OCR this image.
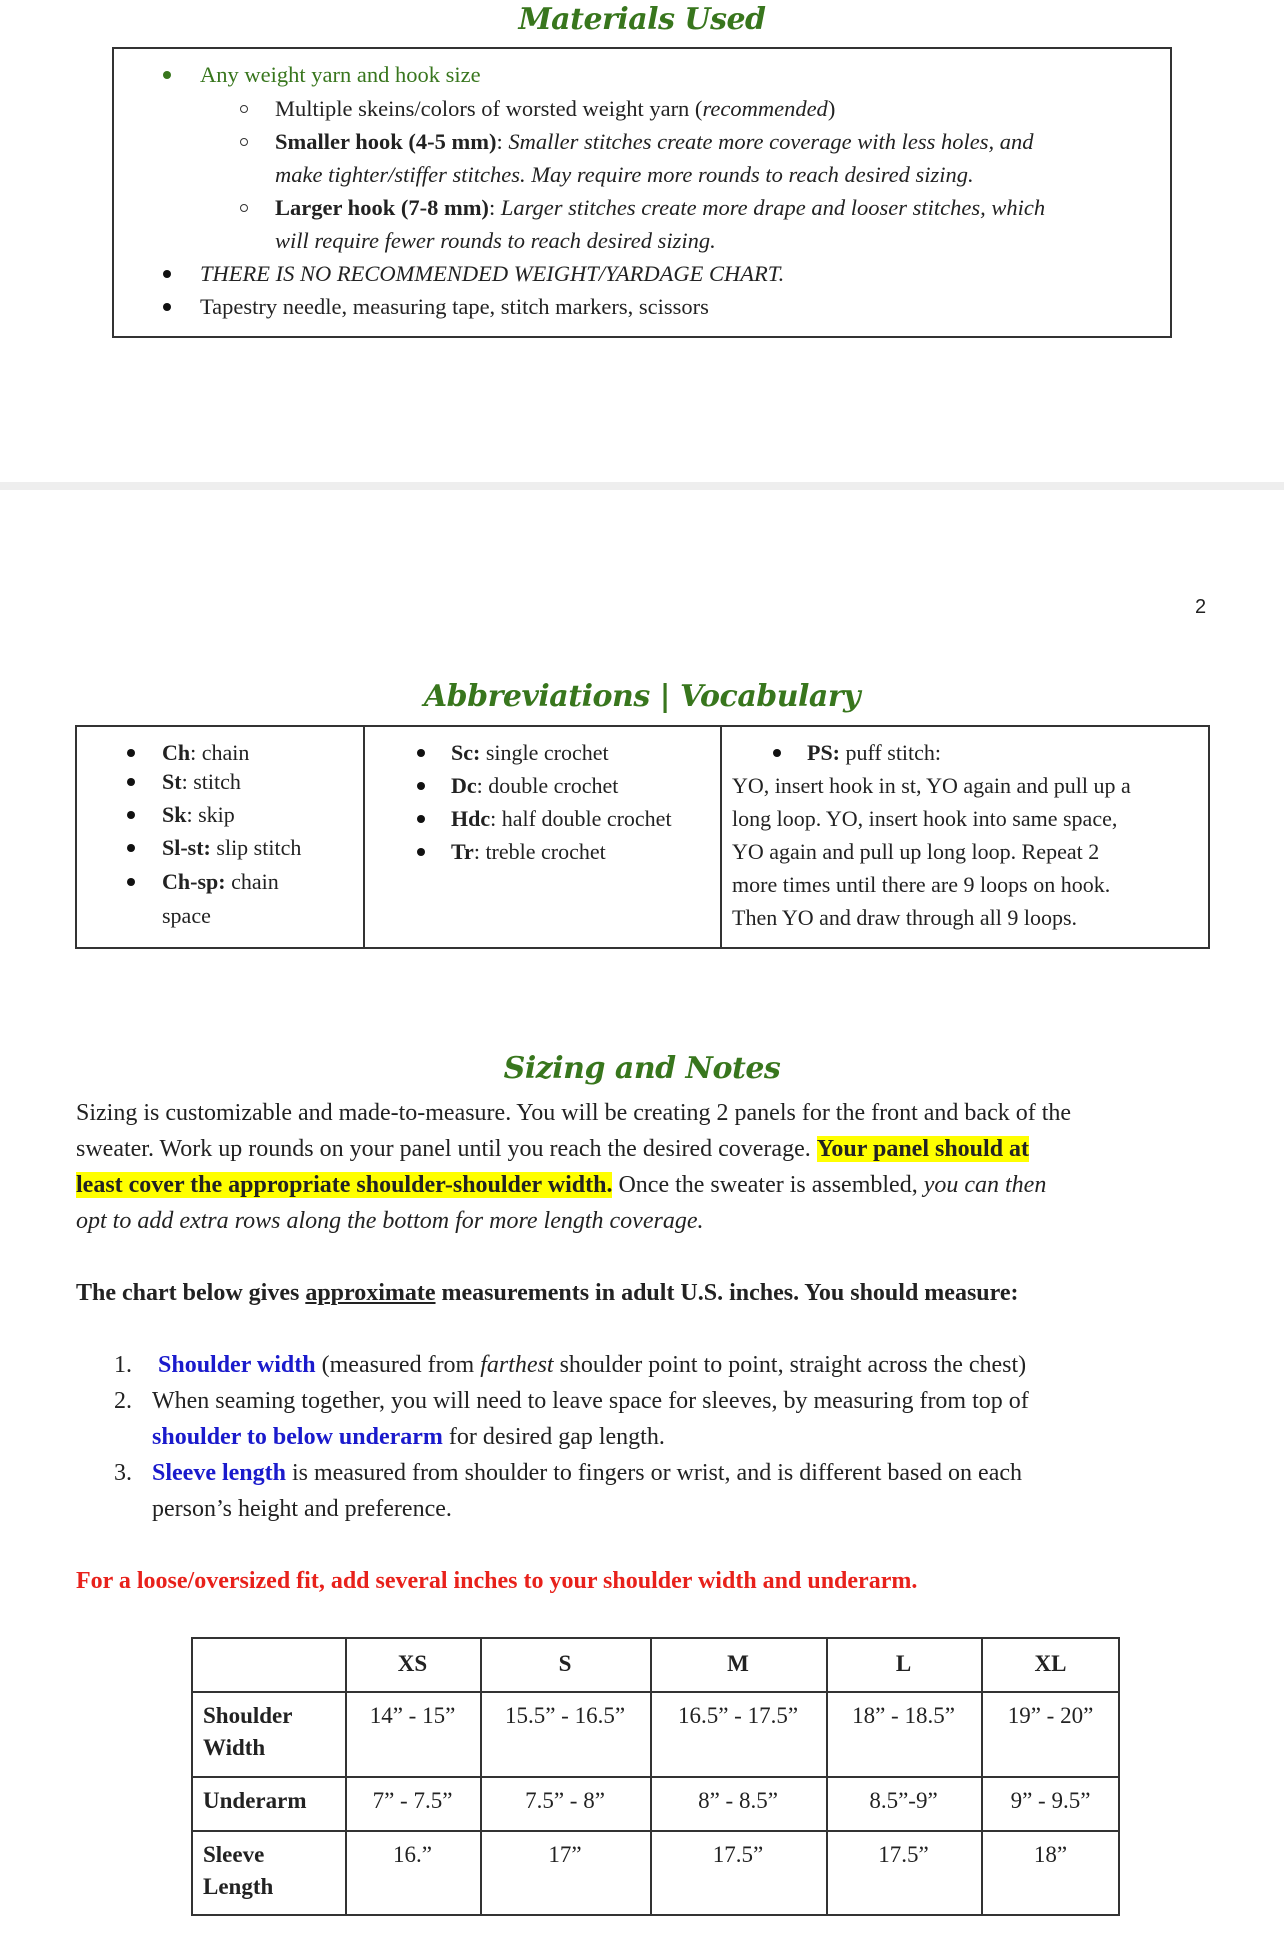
Materials Used
Any weight yarn and hook size
Multiple skeins/colors of worsted weight yarn (recommended)
Smaller hook (4-5 mm): Smaller stitches create more coverage with less holes, and
make tighter/stiffer stitches. May require more rounds to reach desired sizing.
Larger hook (7-8 mm): Larger stitches create more drape and looser stitches, which
will require fewer rounds to reach desired sizing.
THERE IS NO RECOMMENDED WEIGHT/YARDAGE CHART.
Tapestry needle, measuring tape, stitch markers, scissors
2
Abbreviations | Vocabulary
Ch: chain
St: stitch
Sk: skip
Sl-st: slip stitch
Ch-sp: chain
space
Sc: single crochet
Dc: double crochet
Hdc: half double crochet
Tr: treble crochet
PS: puff stitch:
YO, insert hook in st, YO again and pull up a
long loop. YO, insert hook into same space,
YO again and pull up long loop. Repeat 2
more times until there are 9 loops on hook.
Then YO and draw through all 9 loops.
Sizing and Notes
Sizing is customizable and made-to-measure. You will be creating 2 panels for the front and back of the
sweater. Work up rounds on your panel until you reach the desired coverage. Your panel should at
least cover the appropriate shoulder-shoulder width. Once the sweater is assembled, you can then
opt to add extra rows along the bottom for more length coverage.
The chart below gives approximate measurements in adult U.S. inches. You should measure:
1. Shoulder width (measured from farthest shoulder point to point, straight across the chest)
2. When seaming together, you will need to leave space for sleeves, by measuring from top of
shoulder to below underarm for desired gap length.
3. Sleeve length is measured from shoulder to fingers or wrist, and is different based on each
person’s height and preference.
For a loose/oversized fit, add several inches to your shoulder width and underarm.
XS	S	M	L	XL
Shoulder
Width
14” - 15”	15.5” - 16.5”	16.5” - 17.5”	18” - 18.5”	19” - 20”
Underarm	7” - 7.5”	7.5” - 8”	8” - 8.5”	8.5”-9”	9” - 9.5”
Sleeve
Length
16.”	17”	17.5”	17.5”	18”
